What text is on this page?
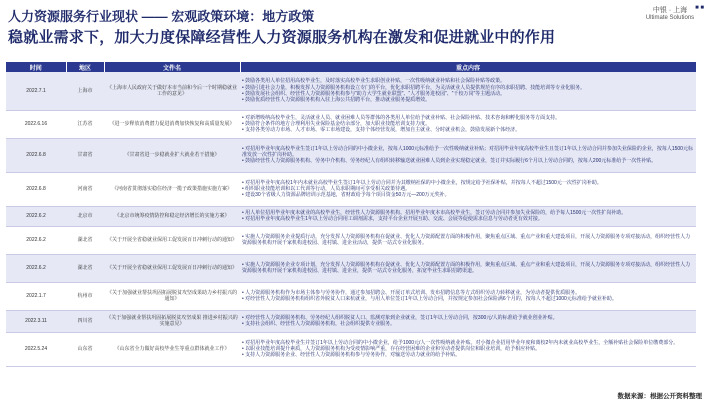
人力资源服务行业现状 —— 宏观政策环境：地方政策
■ ■
中银 · 上海
Ultimate Solutions
稳就业需求下，加大力度保障经营性人力资源服务机构在激发和促进就业中的作用
时间	地区	文件名	重点内容
2022.7.1	上海市	《上海市人民政府关于做好本市当前和今后一个时期稳就业工作的意见》	• 鼓励各类用人单位招用高校毕业生，及时落实高校毕业生求职创业补贴，一次性吸纳就业补贴和社会保险补贴等政策。
• 鼓励引进社会力量，积极发挥人力资源服务机构设立专门的平台，优化求职招聘平台，为灵活就业人员提供规范有序的求职招聘、技能培训等专业化服务。
• 鼓励发展社会组织、经营性人力资源服务机构参与“助力大学生就业联盟”、“人才服务进校园”、“千校万岗”等主题活动。
• 鼓励优质经营性人力资源服务机构入驻上海公共招聘平台，推动就业服务提质增效。

2022.6.16	江苏省	《进一步释放消费潜力促进消费加快恢复和高质量发展》	• 对新增吸纳高校毕业生，灵活就业人员、就业困难人员等群体的各类用人单位给予就业补贴、社会保险补贴、技术咨询和孵化服务等方面支持。
• 鼓励符合条件的地方合理利用失业保险基金结余部分，加大职业技能培训支持力度。
• 支持各类劳动力市场、人才市场、零工市场建设，支持个体经营发展，增加自主就业、分时就业机会，鼓励发展新个体经济。

2022.6.8	甘肃省	《甘肃省进一步稳就业扩大就业若干措施》	• 对招用毕业年度高校毕业生签订1年以上劳动合同的中小微企业，按每人1000元标准给予一次性吸纳就业补贴；对招用毕业年度高校毕业生且签订1年以上劳动合同并参加失业保险的企业，按每人1500元标准发放一次性扩岗补助。
• 鼓励经营性人力资源服务机构、劳务中介机构、劳务经纪人有组织转移输送就业困难人员到企业实现稳定就业，签订并实际履行6个月以上劳动合同的，按每人200元标准给予一次性补贴。

2022.6.8	河南省	《河南省贯彻落实稳住经济一揽子政策措施实施方案》	• 对招用毕业年度高校1年内未就业高校毕业生签订1年以上劳动合同并为其缴纳社保的中小微企业，按规定给予社保补贴，并按每人不超过1500元一次性扩岗补助。
• 组织职业技能培训和以工代训等行动，人员求职期间可享受相关政策待遇。
• 建设30个省级人力资源品牌培训示范基地，省财政给予每个项目资金50万元—200万元奖补。

2022.6.2	北京市	《北京市统筹疫情防控和稳定经济增长的实施方案》	• 用人单位招用毕业年度未就业的高校毕业生，经营性人力资源服务机构、招用毕业年度本市高校毕业生，签订劳动合同并参加失业保险的，给予每人1500元一次性扩岗补助。
• 对招用毕业年度高校毕业生1年以上劳动合同用工调剂需求，支持平台企业开展互助、交流、会展等促使需求信息与劳动者更有效对接。

2022.6.2	湖北省	《关于开展全省稳就业保用工促发展百日冲刺行动的通知》	• 实施人力资源服务企业提质行动，充分发挥人力资源服务机构在促就业、优化人力资源配置方面的积极作用，聚焦重点区域、重点产业和重大建设项目，开展人力资源服务专项对接活动，组织经营性人力资源服务机构开展千家机构进校园、进村镇、进企业活动，提供一站式专业化服务。

2022.6.2	湖北省	《关于开展全省稳就业保用工促发展百日冲刺行动的通知》	• 实施人力资源服务企业专项计划，充分发挥人力资源服务机构在促就业、优化人力资源配置方面的积极作用，聚焦重点区域、重点产业和重大建设项目，开展人力资源服务专项对接活动，组织经营性人力资源服务机构开展千家机构进校园、进村镇、进企业，提供一站式专业化服务，拓宽毕业生求职招聘渠道。

2022.1.7	杭州市	《关于加强就业帮扶巩固拓展脱贫攻坚成果助力乡村振兴的通知》	• 人力资源服务机构作为市场主体参与劳务协作，通过参加招聘会、开展订单式培训、发布招聘信息等方式组织劳动力转移就业，为劳动者提供优质服务。
• 对经营性人力资源服务机构组织省外脱贫人口来杭就业，与用人单位签订1年以上劳动合同，并按规定参加社会保险满6个月的，按每人不超过1000元标准给予就业补助。

2022.3.11	四川省	《关于加强就业帮扶巩固拓展脱贫攻坚成果 推进乡村振兴的实施意见》	• 对经营性人力资源服务机构、劳务经纪人组织脱贫人口、监测对象到企业就业，签订1年以上劳动合同，按300元/人的标准给予就业创业补贴。
• 支持社会组织、经营性人力资源服务机构，社会组织提供专业服务。

2022.5.24	山东省	《山东省全力做好高校毕业生等重点群体就业工作》	• 对招用毕业年度高校毕业生并签订1年以上劳动合同的中小微企业，给予1000元/人一次性吸纳就业补贴。对小微企业招用毕业年度和离校2年内未就业高校毕业生，全额补贴社会保险单位缴费部分。
• 以职业技能培训提升素质，人力资源服务机构为受疫情影响严重，存在经营困难的企业和劳动者提供岗位和职业培训，给予相应补贴。
• 支持人力资源服务企业、经营性人力资源服务机构参与劳务协作，对输送劳动力就业的给予补贴。
数据来源：根据公开资料整理
